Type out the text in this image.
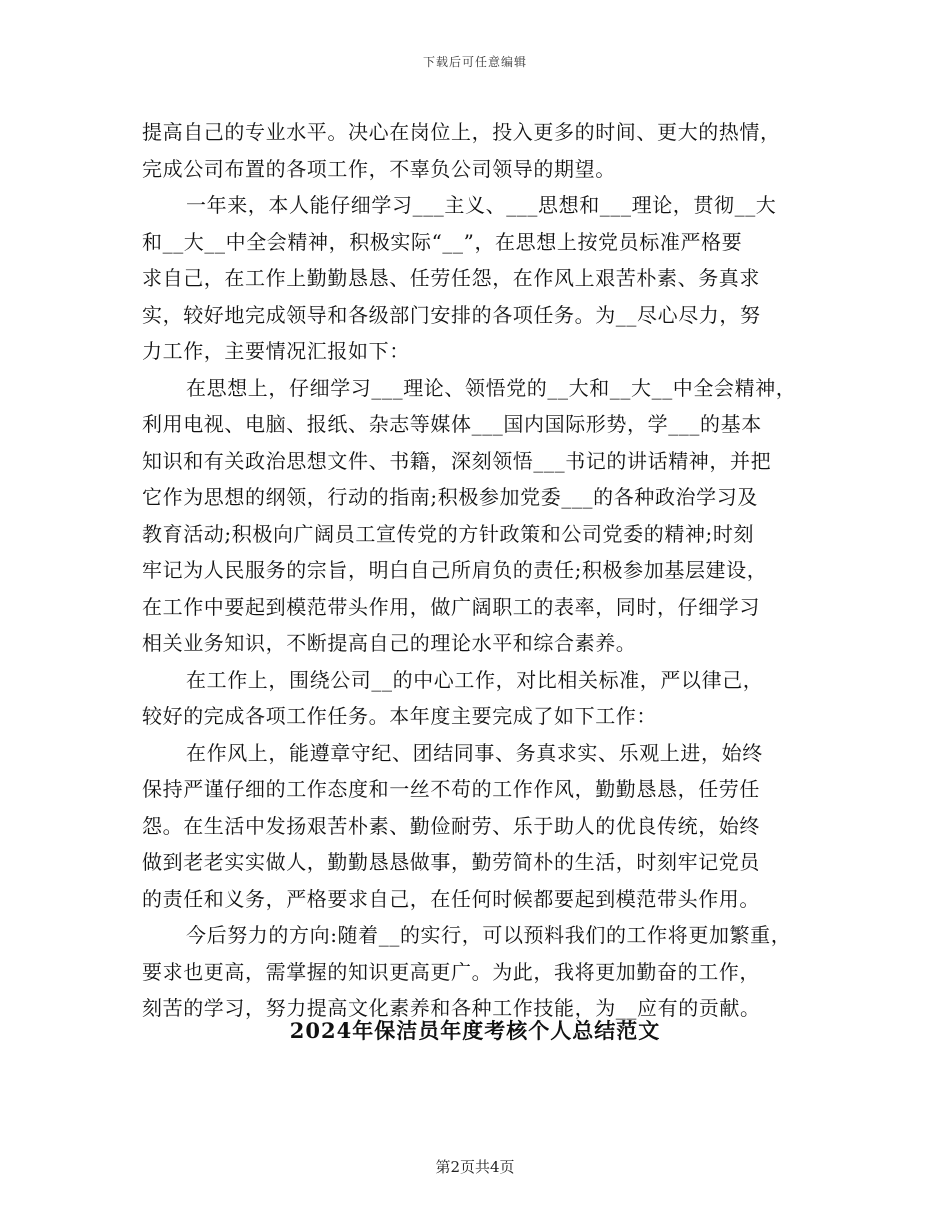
下载后可任意编辑
提高自己的专业水平。决心在岗位上，投入更多的时间、更大的热情，
完成公司布置的各项工作，不辜负公司领导的期望。
一年来，本人能仔细学习___主义、___思想和___理论，贯彻__大
和__大__中全会精神，积极实际“__”，在思想上按党员标准严格要
求自己，在工作上勤勤恳恳、任劳任怨，在作风上艰苦朴素、务真求
实，较好地完成领导和各级部门安排的各项任务。为__尽心尽力，努
力工作，主要情况汇报如下：
在思想上，仔细学习___理论、领悟党的__大和__大__中全会精神，
利用电视、电脑、报纸、杂志等媒体___国内国际形势，学___的基本
知识和有关政治思想文件、书籍，深刻领悟___书记的讲话精神，并把
它作为思想的纲领，行动的指南;积极参加党委___的各种政治学习及
教育活动;积极向广阔员工宣传党的方针政策和公司党委的精神;时刻
牢记为人民服务的宗旨，明白自己所肩负的责任;积极参加基层建设，
在工作中要起到模范带头作用，做广阔职工的表率，同时，仔细学习
相关业务知识，不断提高自己的理论水平和综合素养。
在工作上，围绕公司__的中心工作，对比相关标准，严以律己，
较好的完成各项工作任务。本年度主要完成了如下工作：
在作风上，能遵章守纪、团结同事、务真求实、乐观上进，始终
保持严谨仔细的工作态度和一丝不苟的工作作风，勤勤恳恳，任劳任
怨。在生活中发扬艰苦朴素、勤俭耐劳、乐于助人的优良传统，始终
做到老老实实做人，勤勤恳恳做事，勤劳简朴的生活，时刻牢记党员
的责任和义务，严格要求自己，在任何时候都要起到模范带头作用。
今后努力的方向:随着__的实行，可以预料我们的工作将更加繁重，
要求也更高，需掌握的知识更高更广。为此，我将更加勤奋的工作，
刻苦的学习，努力提高文化素养和各种工作技能，为__应有的贡献。
2024年保洁员年度考核个人总结范文
第2页共4页
